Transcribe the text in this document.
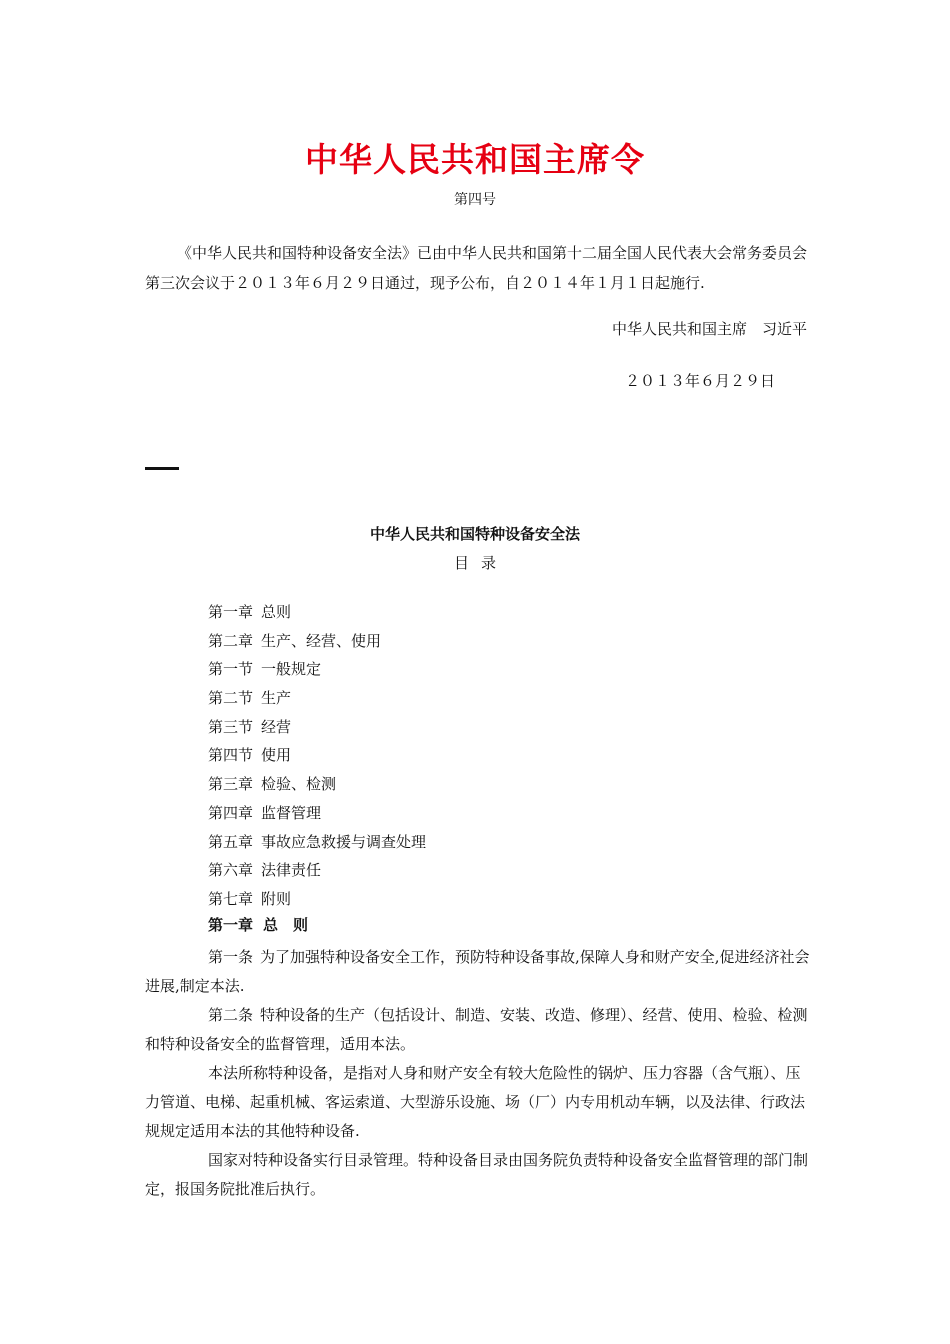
中华人民共和国主席令
第四号
《中华人民共和国特种设备安全法》已由中华人民共和国第十二届全国人民代表大会常务委员会第三次会议于２０１３年６月２９日通过，现予公布，自２０１４年１月１日起施行.
中华人民共和国主席　习近平
２０１３年６月２９日
中华人民共和国特种设备安全法
目录
第一章 总则
第二章 生产、经营、使用
第一节 一般规定
第二节 生产
第三节 经营
第四节 使用
第三章 检验、检测
第四章 监督管理
第五章 事故应急救援与调查处理
第六章 法律责任
第七章 附则
第一章 总　则

第一条 为了加强特种设备安全工作，预防特种设备事故,保障人身和财产安全,促进经济社会进展,制定本法.

第二条 特种设备的生产（包括设计、制造、安装、改造、修理）、经营、使用、检验、检测和特种设备安全的监督管理，适用本法。

本法所称特种设备，是指对人身和财产安全有较大危险性的锅炉、压力容器（含气瓶）、压力管道、电梯、起重机械、客运索道、大型游乐设施、场（厂）内专用机动车辆，以及法律、行政法规规定适用本法的其他特种设备.

国家对特种设备实行目录管理。特种设备目录由国务院负责特种设备安全监督管理的部门制定，报国务院批准后执行。
